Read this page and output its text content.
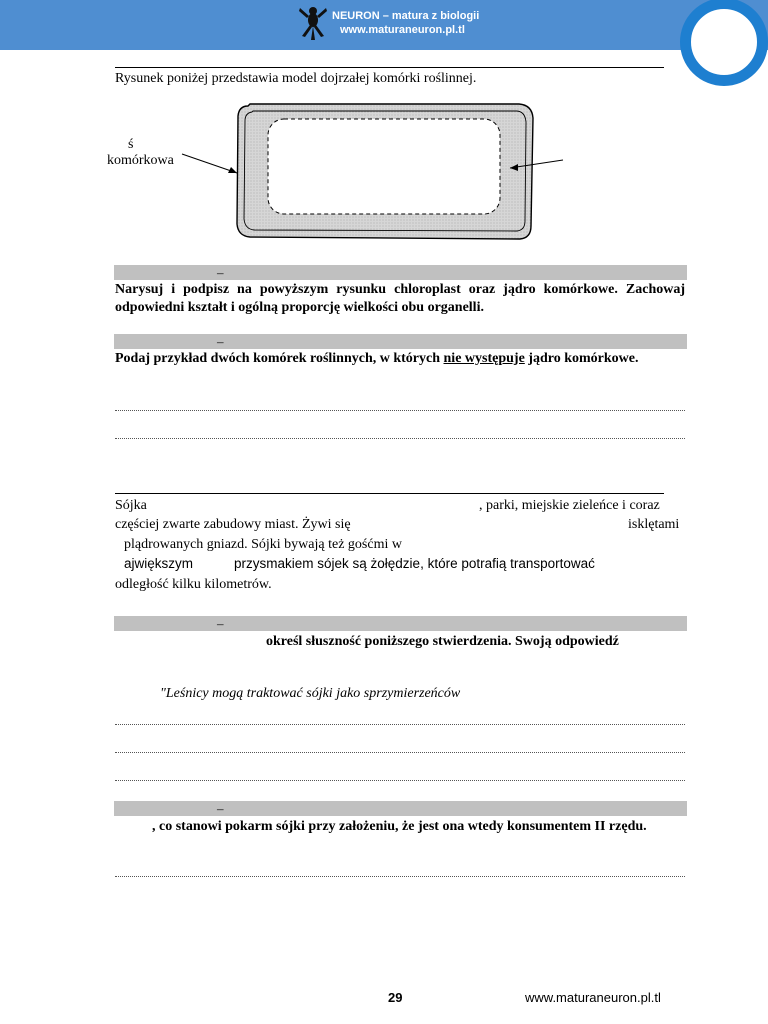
NEURON – matura z biologii
www.maturaneuron.pl.tl
Rysunek poniżej przedstawia model dojrzałej komórki roślinnej.
ś
komórkowa
–
Narysuj i podpisz na powyższym rysunku chloroplast oraz jądro komórkowe. Zachowaj odpowiedni kształt i ogólną proporcję wielkości obu organelli.
–
Podaj przykład dwóch komórek roślinnych, w których nie występuje jądro komórkowe.
Sójka	, parki, miejskie zieleńce i coraz
częściej zwarte zabudowy miast. Żywi się	isklętami
plądrowanych gniazd. Sójki bywają też gośćmi w
ajwiększym	przysmakiem sójek są żołędzie, które potrafią transportować
odległość kilku kilometrów.
–
określ słuszność poniższego stwierdzenia. Swoją odpowiedź
"Leśnicy mogą traktować sójki jako sprzymierzeńców
–
, co stanowi pokarm sójki przy założeniu, że jest ona wtedy konsumentem II rzędu.
29	www.maturaneuron.pl.tl
